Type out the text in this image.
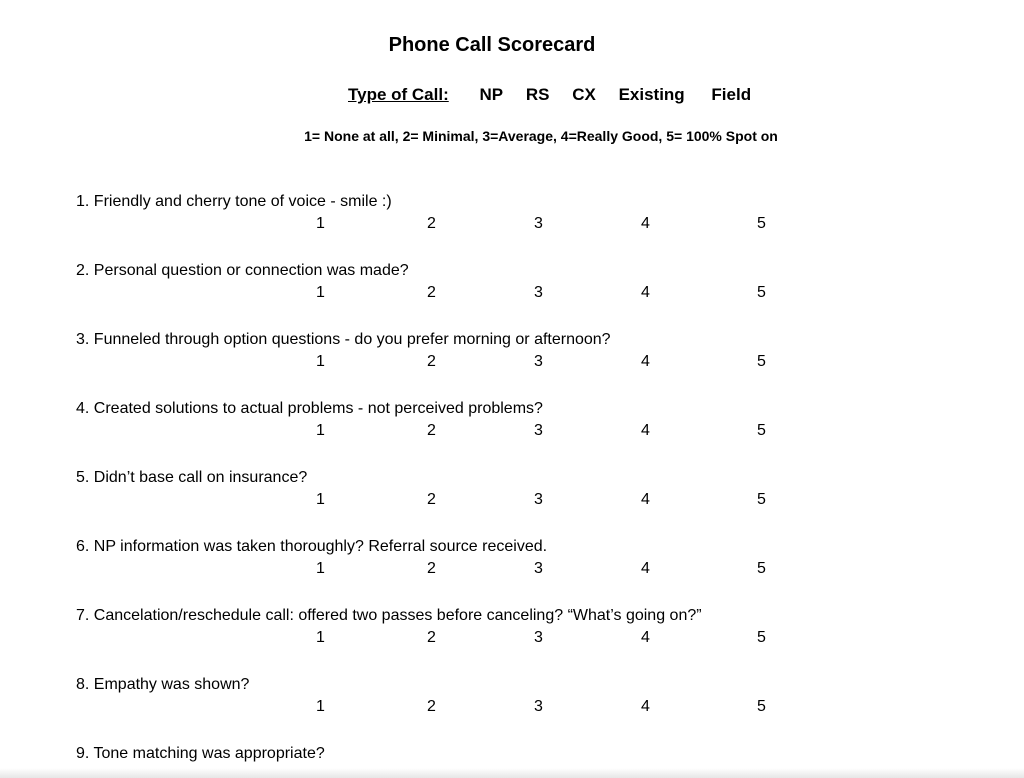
Phone Call Scorecard
Type of Call: NP RS CX Existing Field
1= None at all, 2= Minimal, 3=Average, 4=Really Good, 5= 100% Spot on
1. Friendly and cherry tone of voice - smile :)
1	2	3	4	5
2. Personal question or connection was made?
1	2	3	4	5
3. Funneled through option questions - do you prefer morning or afternoon?
1	2	3	4	5
4. Created solutions to actual problems - not perceived problems?
1	2	3	4	5
5. Didn’t base call on insurance?
1	2	3	4	5
6. NP information was taken thoroughly? Referral source received.
1	2	3	4	5
7. Cancelation/reschedule call: offered two passes before canceling? “What’s going on?”
1	2	3	4	5
8. Empathy was shown?
1	2	3	4	5
9. Tone matching was appropriate?
